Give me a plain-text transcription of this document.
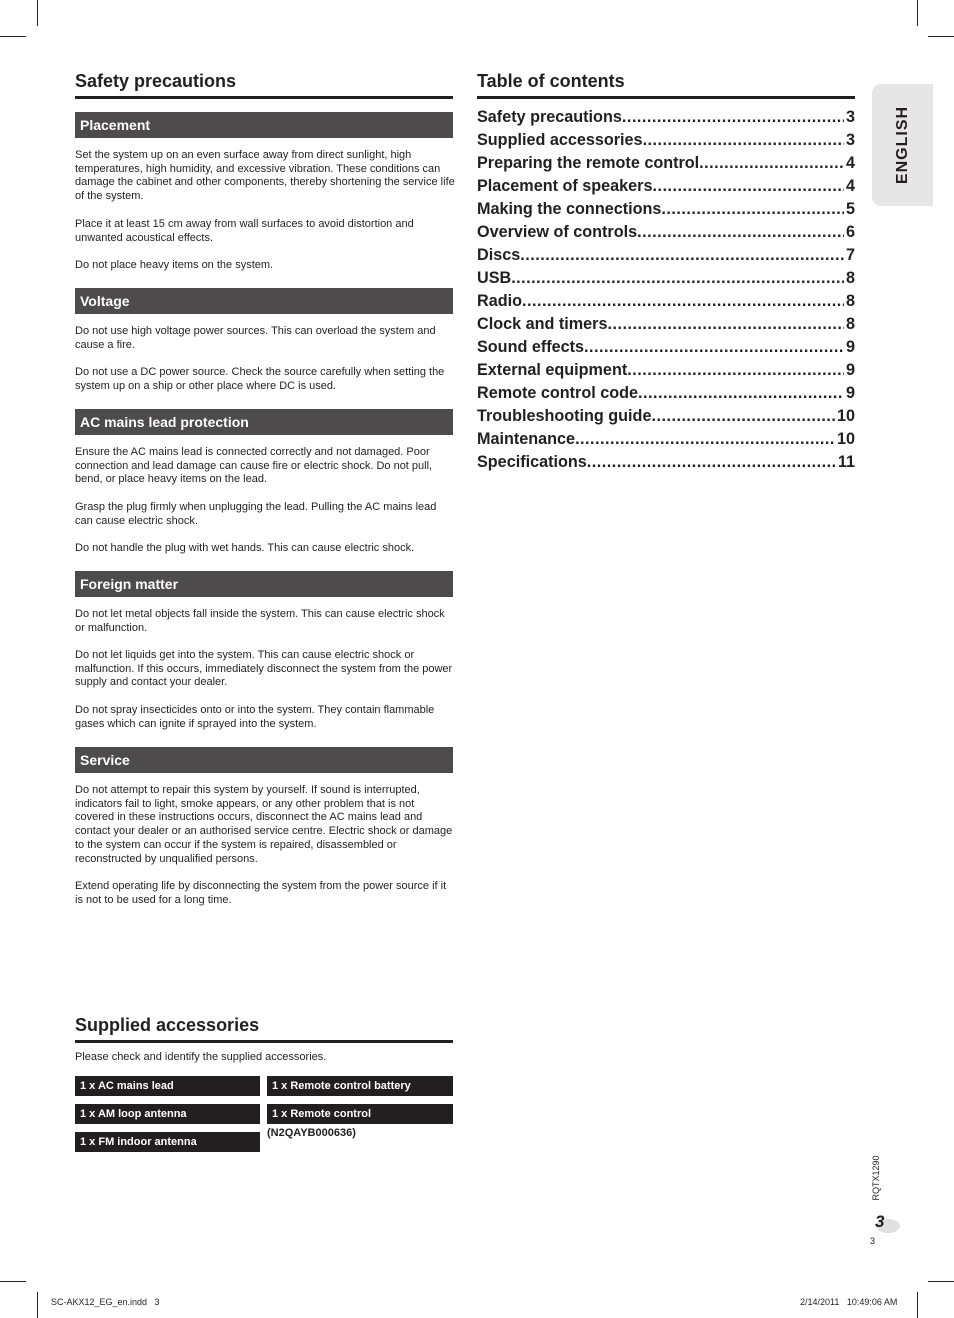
Safety precautions
Placement
Set the system up on an even surface away from direct sunlight, high temperatures, high humidity, and excessive vibration. These conditions can damage the cabinet and other components, thereby shortening the service life of the system.
Place it at least 15 cm away from wall surfaces to avoid distortion and unwanted acoustical effects.
Do not place heavy items on the system.
Voltage
Do not use high voltage power sources. This can overload the system and cause a fire.
Do not use a DC power source. Check the source carefully when setting the system up on a ship or other place where DC is used.
AC mains lead protection
Ensure the AC mains lead is connected correctly and not damaged. Poor connection and lead damage can cause fire or electric shock. Do not pull, bend, or place heavy items on the lead.
Grasp the plug firmly when unplugging the lead. Pulling the AC mains lead can cause electric shock.
Do not handle the plug with wet hands. This can cause electric shock.
Foreign matter
Do not let metal objects fall inside the system. This can cause electric shock or malfunction.
Do not let liquids get into the system. This can cause electric shock or malfunction. If this occurs, immediately disconnect the system from the power supply and contact your dealer.
Do not spray insecticides onto or into the system. They contain flammable gases which can ignite if sprayed into the system.
Service
Do not attempt to repair this system by yourself. If sound is interrupted, indicators fail to light, smoke appears, or any other problem that is not covered in these instructions occurs, disconnect the AC mains lead and contact your dealer or an authorised service centre. Electric shock or damage to the system can occur if the system is repaired, disassembled or reconstructed by unqualified persons.
Extend operating life by disconnecting the system from the power source if it is not to be used for a long time.
Supplied accessories
Please check and identify the supplied accessories.
1 x AC mains lead	1 x Remote control battery
1 x AM loop antenna	1 x Remote control
1 x FM indoor antenna
(N2QAYB000636)
Table of contents
Safety precautions .....	3
Supplied accessories .....	3
Preparing the remote control .....	4
Placement of speakers .....	4
Making the connections .....	5
Overview of controls .....	6
Discs .....	7
USB .....	8
Radio .....	8
Clock and timers .....	8
Sound effects .....	9
External equipment .....	9
Remote control code .....	9
Troubleshooting guide .....	10
Maintenance .....	10
Specifications .....	11
ENGLISH
RQTX1290
3
3
SC-AKX12_EG_en.indd   3	2/14/2011   10:49:06 AM
